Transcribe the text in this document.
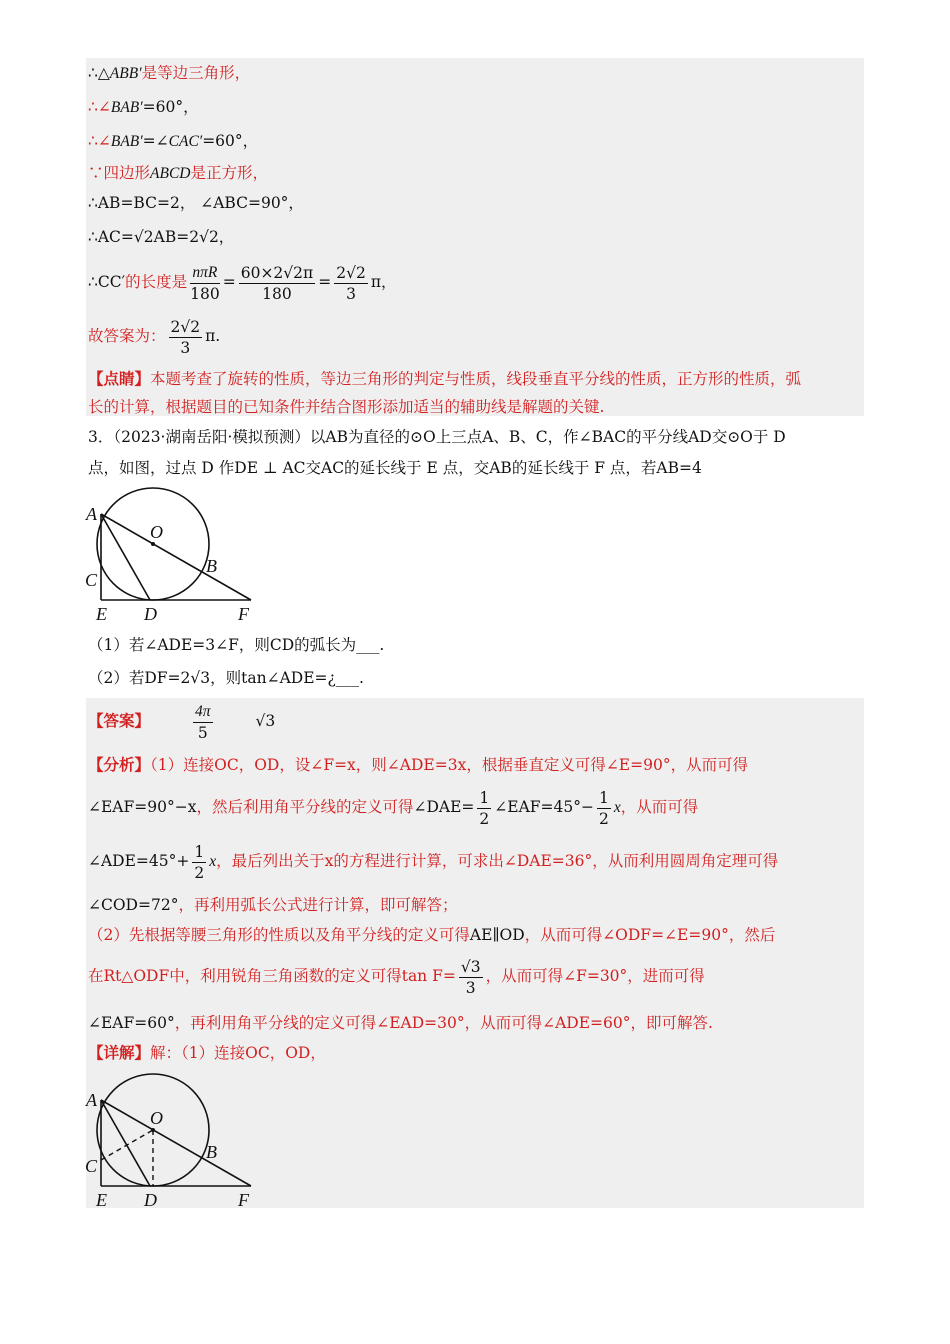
∴△ABB′是等边三角形，
∴∠BAB′=60°，
∴∠BAB′=∠CAC′=60°，
∵四边形ABCD是正方形，
∴AB=BC=2， ∠ABC=90°，
∴AC=√2AB=2√2，
∴CC′的长度是 $\frac{\text{nπR}}{180} = \frac{60\times 2√2\pi}{180} = \frac{2√2}{3}$ π，
故答案为： $\frac{2√2}{3} \pi$.
【点睛】本题考查了旋转的性质，等边三角形的判定与性质，线段垂直平分线的性质，正方形的性质，弧
长的计算，根据题目的已知条件并结合图形添加适当的辅助线是解题的关键.
3．（2023·湖南岳阳·模拟预测）以AB为直径的⊙O上三点A、B、C，作∠BAC的平分线AD交⊙O于 D
点，如图，过点 D 作DE ⊥ AC交AC的延长线于 E 点，交AB的延长线于 F 点，若AB=4
A
O
B
C
E D	F
（1）若∠ADE=3∠F，则CD的弧长为___.
（2）若DF=2√3，则tan∠ADE=¿___.
【答案】	$\frac{4\pi}{5}$	√3
【分析】（1）连接OC，OD，设∠F=x，则∠ADE=3x，根据垂直定义可得∠E=90°，从而可得
∠EAF=90°−x，然后利用角平分线的定义可得∠DAE= $\frac{1}{2}$ ∠EAF=45°− $\frac{1}{2}$ x，从而可得
∠ADE=45°+ $\frac{1}{2}$ x，最后列出关于x的方程进行计算，可求出∠DAE=36°，从而利用圆周角定理可得
∠COD=72°，再利用弧长公式进行计算，即可解答；
（2）先根据等腰三角形的性质以及角平分线的定义可得AE∥OD，从而可得∠ODF=∠E=90°，然后
在Rt△ODF中，利用锐角三角函数的定义可得$\tan F= \frac{√3}{3}$ ，从而可得∠F=30°，进而可得
∠EAF=60°，再利用角平分线的定义可得∠EAD=30°，从而可得∠ADE=60°，即可解答.
【详解】解：（1）连接OC，OD，
A
O
B
C
E D	F
